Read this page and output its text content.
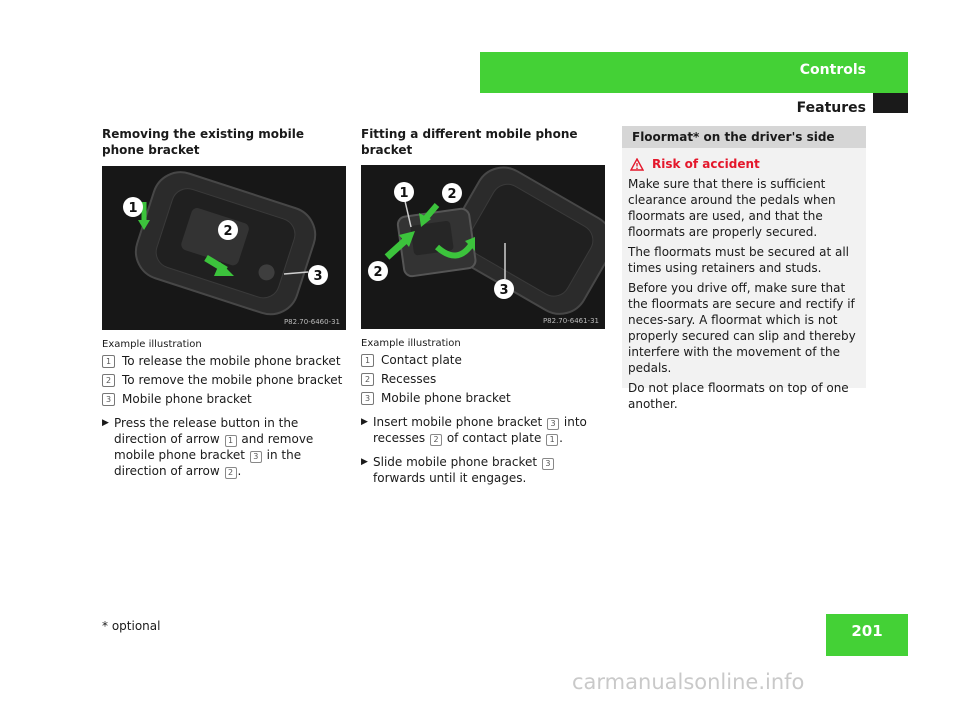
Controls
Features
Removing the existing mobile phone bracket
1
2
3
P82.70-6460-31
Example illustration
1 To release the mobile phone bracket
2 To remove the mobile phone bracket
3 Mobile phone bracket
▶ Press the release button in the direction of arrow 1 and remove mobile phone bracket 3 in the direction of arrow 2 .

Fitting a different mobile phone bracket
1	2
2
3
P82.70-6461-31
Example illustration
1 Contact plate
2 Recesses
3 Mobile phone bracket
▶ Insert mobile phone bracket 3 into recesses 2 of contact plate 1 .

▶ Slide mobile phone bracket 3 forwards until it engages.

Floormat* on the driver's side
Risk of accident

Make sure that there is sufficient clearance around the pedals when floormats are used, and that the floormats are properly secured.

The floormats must be secured at all times using retainers and studs.

Before you drive off, make sure that the floormats are secure and rectify if neces-sary. A floormat which is not properly secured can slip and thereby interfere with the movement of the pedals.

Do not place floormats on top of one another.

* optional	201
carmanualsonline.info
